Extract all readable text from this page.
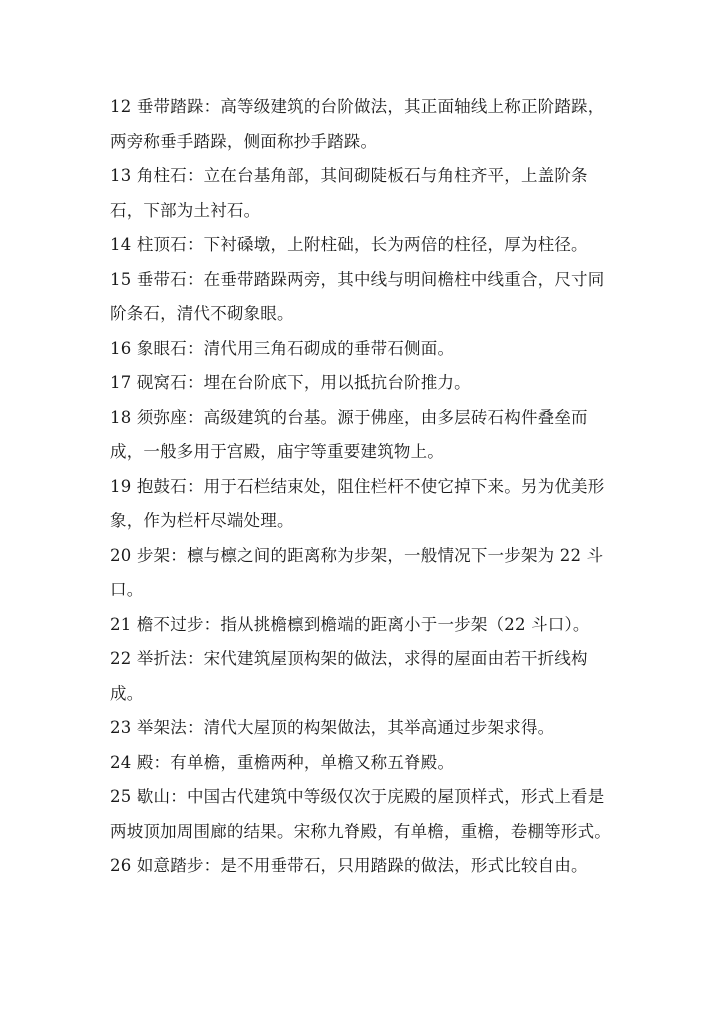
12 垂带踏跺：高等级建筑的台阶做法，其正面轴线上称正阶踏跺，两旁称垂手踏跺，侧面称抄手踏跺。

13 角柱石：立在台基角部，其间砌陡板石与角柱齐平，上盖阶条石，下部为土衬石。

14 柱顶石：下衬磉墩，上附柱础，长为两倍的柱径，厚为柱径。

15 垂带石：在垂带踏跺两旁，其中线与明间檐柱中线重合，尺寸同阶条石，清代不砌象眼。

16 象眼石：清代用三角石砌成的垂带石侧面。

17 砚窝石：埋在台阶底下，用以抵抗台阶推力。

18 须弥座：高级建筑的台基。源于佛座，由多层砖石构件叠垒而成，一般多用于宫殿，庙宇等重要建筑物上。

19 抱鼓石：用于石栏结束处，阻住栏杆不使它掉下来。另为优美形象，作为栏杆尽端处理。

20 步架：檩与檩之间的距离称为步架，一般情况下一步架为 22 斗口。

21 檐不过步：指从挑檐檩到檐端的距离小于一步架（22 斗口）。

22 举折法：宋代建筑屋顶构架的做法，求得的屋面由若干折线构成。

23 举架法：清代大屋顶的构架做法，其举高通过步架求得。

24 殿：有单檐，重檐两种，单檐又称五脊殿。

25 歇山：中国古代建筑中等级仅次于庑殿的屋顶样式，形式上看是两坡顶加周围廊的结果。宋称九脊殿，有单檐，重檐，卷棚等形式。

26 如意踏步：是不用垂带石，只用踏跺的做法，形式比较自由。
